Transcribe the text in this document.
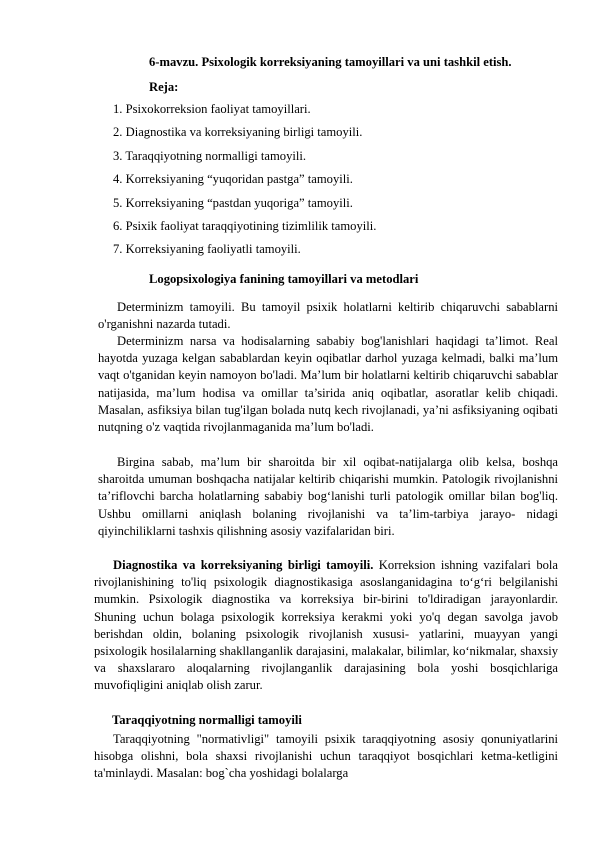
6-mavzu. Psixologik korreksiyaning tamoyillari va uni tashkil etish.
Reja:
1. Psixokorreksion faoliyat tamoyillari.
2. Diagnostika va korreksiyaning birligi tamoyili.
3. Taraqqiyotning normalligi tamoyili.
4. Korreksiyaning “yuqoridan pastga” tamoyili.
5. Korreksiyaning “pastdan yuqoriga” tamoyili.
6. Psixik faoliyat taraqqiyotining tizimlilik tamoyili.
7. Korreksiyaning faoliyatli tamoyili.
Logopsixologiya fanining tamoyillari va metodlari

Determinizm tamoyili. Bu tamoyil psixik holatlarni keltirib chiqaruvchi sabablarni o'rganishni nazarda tutadi.

Determinizm narsa va hodisalarning sababiy bog'lanishlari haqidagi ta’limot. Real hayotda yuzaga kelgan sabablardan keyin oqibatlar darhol yuzaga kelmadi, balki ma’lum vaqt o'tganidan keyin namoyon bo'ladi. Ma’lum bir holatlarni keltirib chiqaruvchi sabablar natijasida, ma’lum hodisa va omillar ta’sirida aniq oqibatlar, asoratlar kelib chiqadi. Masalan, asfiksiya bilan tug'ilgan bolada nutq kech rivojlanadi, ya’ni asfiksiyaning oqibati nutqning o'z vaqtida rivojlanmaganida ma’lum bo'ladi.

Birgina sabab, ma’lum bir sharoitda bir xil oqibat-natijalarga olib kelsa, boshqa sharoitda umuman boshqacha natijalar keltirib chiqarishi mumkin. Patologik rivojlanishni ta’riflovchi barcha holatlarning sababiy bog‘lanishi turli patologik omillar bilan bog'liq. Ushbu omillarni aniqlash bolaning rivojlanishi va ta’lim-tarbiya jarayo- nidagi qiyinchiliklarni tashxis qilishning asosiy vazifalaridan biri.

Diagnostika va korreksiyaning birligi tamoyili. Korreksion ishning vazifalari bola rivojlanishining to'liq psixologik diagnostikasiga asoslanganidagina to‘g‘ri belgilanishi mumkin. Psixologik diagnostika va korreksiya bir-birini to'ldiradigan jarayonlardir. Shuning uchun bolaga psixologik korreksiya kerakmi yoki yo'q degan savolga javob berishdan oldin, bolaning psixologik rivojlanish xususi- yatlarini, muayyan yangi psixologik hosilalarning shakllanganlik darajasini, malakalar, bilimlar, ko‘nikmalar, shaxsiy va shaxslararo aloqalarning rivojlanganlik darajasining bola yoshi bosqichlariga muvofiqligini aniqlab olish zarur.

Taraqqiyotning normalligi tamoyili

Taraqqiyotning "normativligi" tamoyili psixik taraqqiyotning asosiy qonuniyatlarini hisobga olishni, bola shaxsi rivojlanishi uchun taraqqiyot bosqichlari ketma-ketligini ta'minlaydi. Masalan: bog`cha yoshidagi bolalarga
